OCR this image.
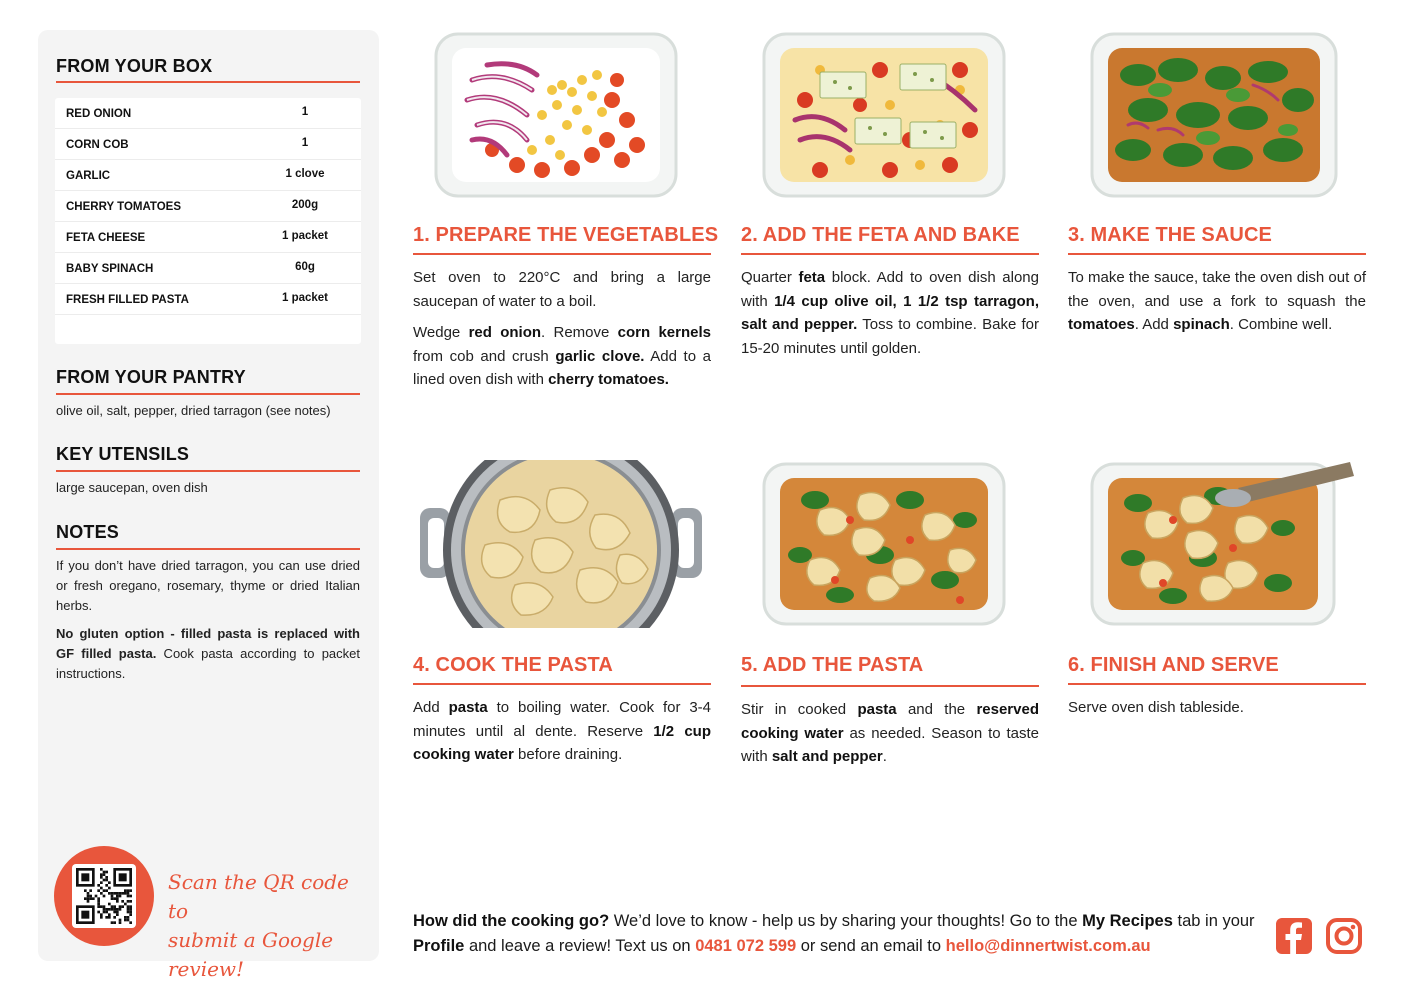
FROM YOUR BOX
RED ONION	1
CORN COB	1
GARLIC	1 clove
CHERRY TOMATOES	200g
FETA CHEESE	1 packet
BABY SPINACH	60g
FRESH FILLED PASTA	1 packet
FROM YOUR PANTRY
olive oil, salt, pepper, dried tarragon (see notes)
KEY UTENSILS
large saucepan, oven dish
NOTES
If you don’t have dried tarragon, you can use dried or fresh oregano, rosemary, thyme or dried Italian herbs.
No gluten option - filled pasta is replaced with GF filled pasta. Cook pasta according to packet instructions.
Scan the QR code to
submit a Google review!
1. PREPARE THE VEGETABLES

Set oven to 220°C and bring a large saucepan of water to a boil.

Wedge red onion. Remove corn kernels from cob and crush garlic clove. Add to a lined oven dish with cherry tomatoes.

2. ADD THE FETA AND BAKE

Quarter feta block. Add to oven dish along with 1/4 cup olive oil, 1 1/2 tsp tarragon, salt and pepper. Toss to combine. Bake for 15-20 minutes until golden.

3. MAKE THE SAUCE

To make the sauce, take the oven dish out of the oven, and use a fork to squash the tomatoes. Add spinach. Combine well.

4. COOK THE PASTA

Add pasta to boiling water. Cook for 3-4 minutes until al dente. Reserve 1/2 cup cooking water before draining.

5. ADD THE PASTA

Stir in cooked pasta and the reserved cooking water as needed. Season to taste with salt and pepper.

6. FINISH AND SERVE

Serve oven dish tableside.

How did the cooking go? We’d love to know - help us by sharing your thoughts! Go to the My Recipes tab in your Profile and leave a review! Text us on 0481 072 599 or send an email to hello@dinnertwist.com.au
